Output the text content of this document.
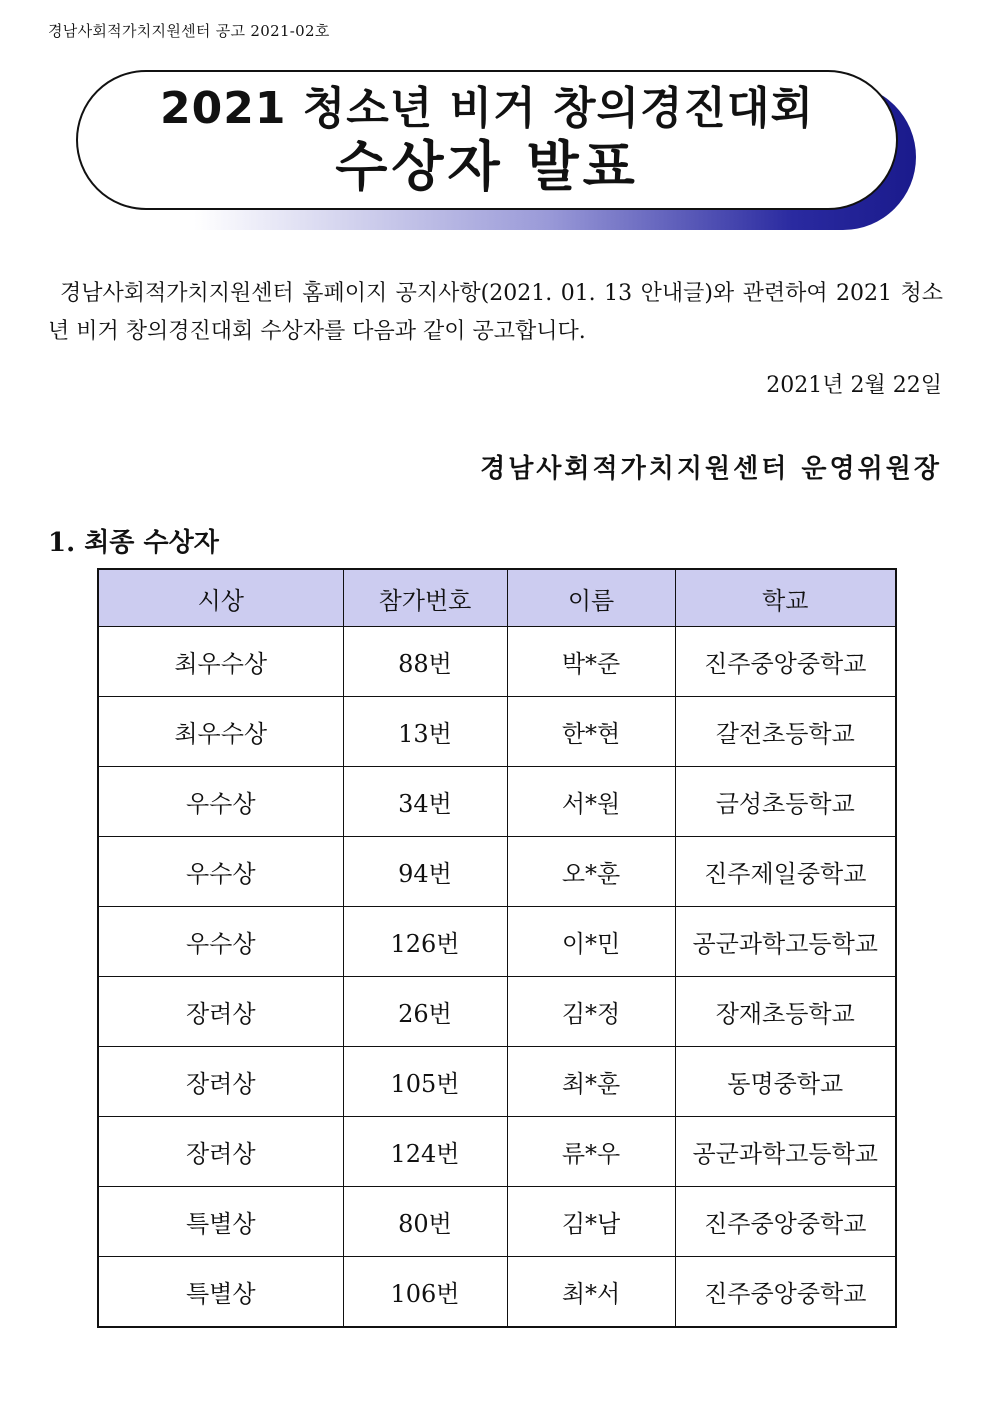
경남사회적가치지원센터 공고 2021-02호
2021 청소년 비거 창의경진대회
수상자 발표
경남사회적가치지원센터 홈페이지 공지사항(2021. 01. 13 안내글)와 관련하여 2021 청소년 비거 창의경진대회 수상자를 다음과 같이 공고합니다.
2021년 2월 22일
경남사회적가치지원센터 운영위원장
1. 최종 수상자
시상	참가번호	이름	학교
최우수상	88번	박*준	진주중앙중학교
최우수상	13번	한*현	갈전초등학교
우수상	34번	서*원	금성초등학교
우수상	94번	오*훈	진주제일중학교
우수상	126번	이*민	공군과학고등학교
장려상	26번	김*정	장재초등학교
장려상	105번	최*훈	동명중학교
장려상	124번	류*우	공군과학고등학교
특별상	80번	김*남	진주중앙중학교
특별상	106번	최*서	진주중앙중학교
